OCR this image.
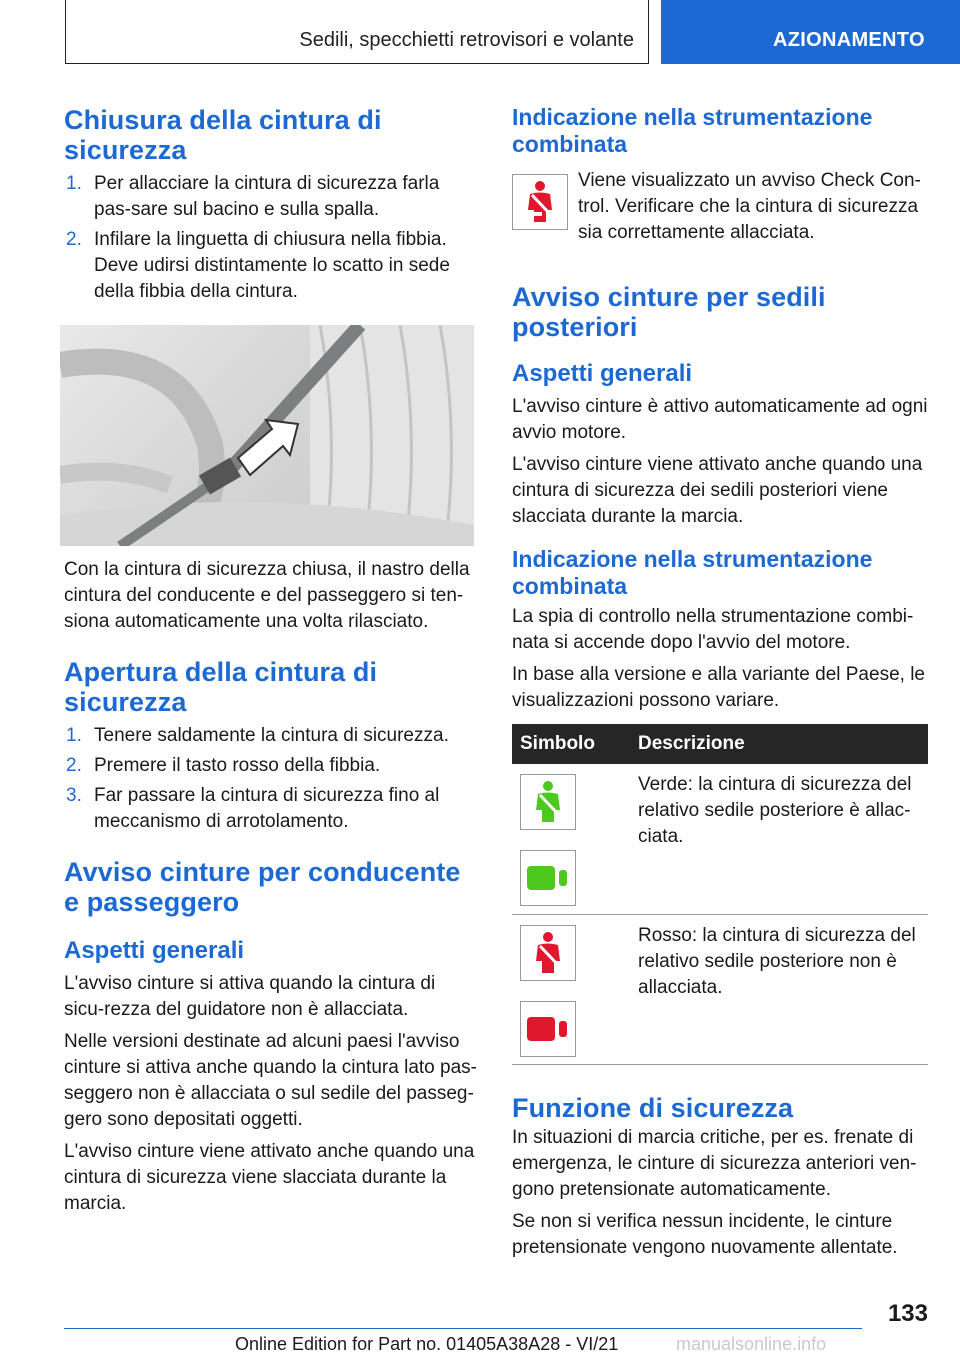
Sedili, specchietti retrovisori e volante	AZIONAMENTO
Chiusura della cintura di sicurezza
1. Per allacciare la cintura di sicurezza farla pas-sare sul bacino e sulla spalla.
2. Infilare la linguetta di chiusura nella fibbia. Deve udirsi distintamente lo scatto in sede della fibbia della cintura.

Con la cintura di sicurezza chiusa, il nastro della cintura del conducente e del passeggero si ten-siona automaticamente una volta rilasciato.

Apertura della cintura di sicurezza
1. Tenere saldamente la cintura di sicurezza.
2. Premere il tasto rosso della fibbia.
3. Far passare la cintura di sicurezza fino al meccanismo di arrotolamento.
Avviso cinture per conducente e passeggero
Aspetti generali

L'avviso cinture si attiva quando la cintura di sicu-rezza del guidatore non è allacciata.

Nelle versioni destinate ad alcuni paesi l'avviso cinture si attiva anche quando la cintura lato pas-seggero non è allacciata o sul sedile del passeg-gero sono depositati oggetti.

L'avviso cinture viene attivato anche quando una cintura di sicurezza viene slacciata durante la marcia.

Indicazione nella strumentazione combinata

Viene visualizzato un avviso Check Con-trol. Verificare che la cintura di sicurezza sia correttamente allacciata.

Avviso cinture per sedili posteriori
Aspetti generali

L'avviso cinture è attivo automaticamente ad ogni avvio motore.

L'avviso cinture viene attivato anche quando una cintura di sicurezza dei sedili posteriori viene slacciata durante la marcia.

Indicazione nella strumentazione combinata

La spia di controllo nella strumentazione combi-nata si accende dopo l'avvio del motore.

In base alla versione e alla variante del Paese, le visualizzazioni possono variare.

Simbolo	Descrizione

	Verde: la cintura di sicurezza del relativo sedile posteriore è allac-ciata.

	Rosso: la cintura di sicurezza del relativo sedile posteriore non è allacciata.
Funzione di sicurezza

In situazioni di marcia critiche, per es. frenate di emergenza, le cinture di sicurezza anteriori ven-gono pretensionate automaticamente.

Se non si verifica nessun incidente, le cinture pretensionate vengono nuovamente allentate.

133
Online Edition for Part no. 01405A38A28 - VI/21	manualsonline.info
